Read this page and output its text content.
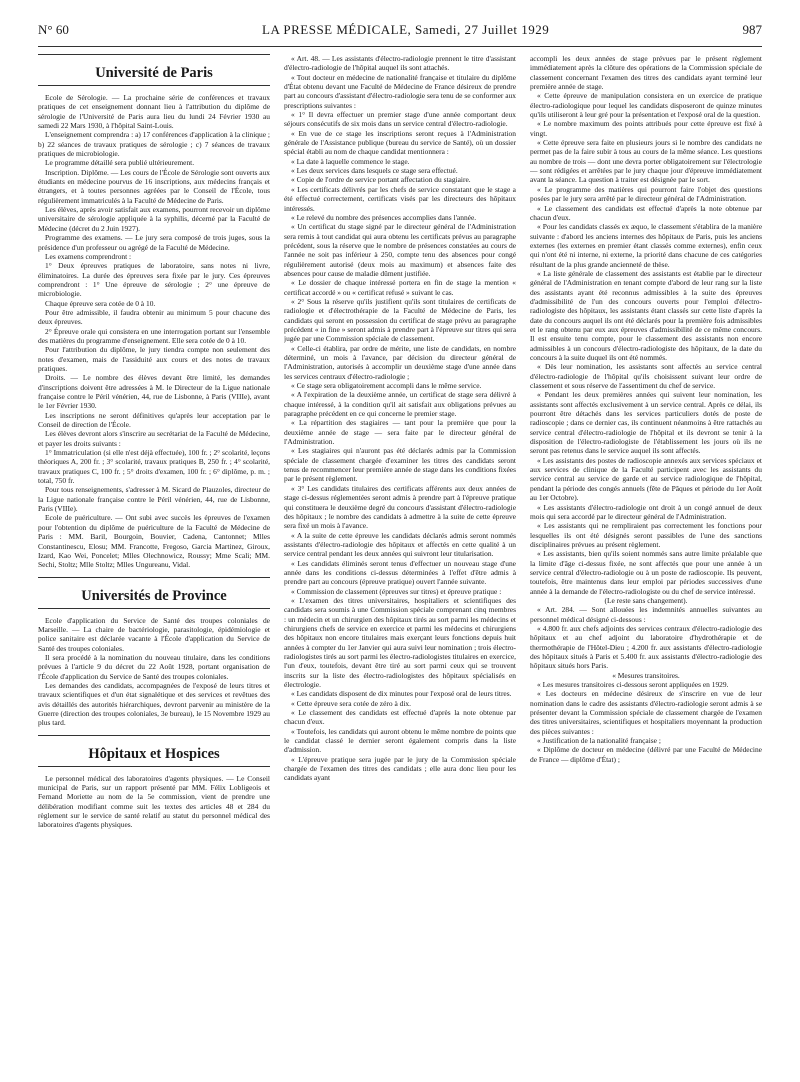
N° 60	LA PRESSE MÉDICALE, Samedi, 27 Juillet 1929	987
Université de Paris

Ecole de Sérologie. — La prochaine série de conférences et travaux pratiques de cet enseignement donnant lieu à l'attribution du diplôme de sérologie de l'Université de Paris aura lieu du lundi 24 Février 1930 au samedi 22 Mars 1930, à l'hôpital Saint-Louis.

L'enseignement comprendra : a) 17 conférences d'application à la clinique ; b) 22 séances de travaux pratiques de sérologie ; c) 7 séances de travaux pratiques de microbiologie.

Le programme détaillé sera publié ultérieurement.

Inscription. Diplôme. — Les cours de l'École de Sérologie sont ouverts aux étudiants en médecine pourvus de 16 inscriptions, aux médecins français et étrangers, et à toutes personnes agréées par le Conseil de l'École, tous régulièrement immatriculés à la Faculté de Médecine de Paris.

Les élèves, après avoir satisfait aux examens, pourront recevoir un diplôme universitaire de sérologie appliquée à la syphilis, décerné par la Faculté de Médecine (décret du 2 Juin 1927).

Programme des examens. — Le jury sera composé de trois juges, sous la présidence d'un professeur ou agrégé de la Faculté de Médecine.

Les examens comprendront :

1° Deux épreuves pratiques de laboratoire, sans notes ni livre, éliminatoires. La durée des épreuves sera fixée par le jury. Ces épreuves comprendront : 1° Une épreuve de sérologie ; 2° une épreuve de microbiologie.

Chaque épreuve sera cotée de 0 à 10.

Pour être admissible, il faudra obtenir au minimum 5 pour chacune des deux épreuves.

2° Épreuve orale qui consistera en une interrogation portant sur l'ensemble des matières du programme d'enseignement. Elle sera cotée de 0 à 10.

Pour l'attribution du diplôme, le jury tiendra compte non seulement des notes d'examen, mais de l'assiduité aux cours et des notes de travaux pratiques.

Droits. — Le nombre des élèves devant être limité, les demandes d'inscriptions doivent être adressées à M. le Directeur de la Ligue nationale française contre le Péril vénérien, 44, rue de Lisbonne, à Paris (VIIIe), avant le 1er Février 1930.

Les inscriptions ne seront définitives qu'après leur acceptation par le Conseil de direction de l'École.

Les élèves devront alors s'inscrire au secrétariat de la Faculté de Médecine, et payer les droits suivants :

1° Immatriculation (si elle n'est déjà effectuée), 100 fr. ; 2° scolarité, leçons théoriques A, 200 fr. ; 3° scolarité, travaux pratiques B, 250 fr. ; 4° scolarité, travaux pratiques C, 100 fr. ; 5° droits d'examen, 100 fr. ; 6° diplôme, p. m. ; total, 750 fr.

Pour tous renseignements, s'adresser à M. Sicard de Plauzoles, directeur de la Ligue nationale française contre le Péril vénérien, 44, rue de Lisbonne, Paris (VIIIe).

Ecole de puériculture. — Ont subi avec succès les épreuves de l'examen pour l'obtention du diplôme de puériculture de la Faculté de Médecine de Paris : MM. Baril, Bourgoin, Bouvier, Cadena, Cantonnet; Mlles Constantinescu, Elosu; MM. Francotte, Fregoso, Garcia Martinez, Giroux, Izard, Kao Wei, Poncelet; Mlles Olechnowicz, Roussy; Mme Scali; MM. Sechi, Stoltz; Mlle Stoltz; Mlles Ungureanu, Vidal.

Universités de Province

Ecole d'application du Service de Santé des troupes coloniales de Marseille. — La chaire de bactériologie, parasitologie, épidémiologie et police sanitaire est déclarée vacante à l'École d'application du Service de Santé des troupes coloniales.

Il sera procédé à la nomination du nouveau titulaire, dans les conditions prévues à l'article 9 du décret du 22 Août 1928, portant organisation de l'École d'application du Service de Santé des troupes coloniales.

Les demandes des candidats, accompagnées de l'exposé de leurs titres et travaux scientifiques et d'un état signalétique et des services et revêtues des avis détaillés des autorités hiérarchiques, devront parvenir au ministère de la Guerre (direction des troupes coloniales, 3e bureau), le 15 Novembre 1929 au plus tard.

Hôpitaux et Hospices

Le personnel médical des laboratoires d'agents physiques. — Le Conseil municipal de Paris, sur un rapport présenté par MM. Félix Lobligeois et Fernand Moriette au nom de la 5e commission, vient de prendre une délibération modifiant comme suit les textes des articles 48 et 284 du règlement sur le service de santé relatif au statut du personnel médical des laboratoires d'agents physiques.

« Art. 48. — Les assistants d'électro-radiologie prennent le titre d'assistant d'électro-radiologie de l'hôpital auquel ils sont attachés.

« Tout docteur en médecine de nationalité française et titulaire du diplôme d'État obtenu devant une Faculté de Médecine de France désireux de prendre part au concours d'assistant d'électro-radiologie sera tenu de se conformer aux prescriptions suivantes :

« 1° Il devra effectuer un premier stage d'une année comportant deux séjours consécutifs de six mois dans un service central d'électro-radiologie.

« En vue de ce stage les inscriptions seront reçues à l'Administration générale de l'Assistance publique (bureau du service de Santé), où un dossier spécial établi au nom de chaque candidat mentionnera :

« La date à laquelle commence le stage.

« Les deux services dans lesquels ce stage sera effectué.

« Copie de l'ordre de service portant affectation du stagiaire.

« Les certificats délivrés par les chefs de service constatant que le stage a été effectué correctement, certificats visés par les directeurs des hôpitaux intéressés.

« Le relevé du nombre des présences accomplies dans l'année.

« Un certificat du stage signé par le directeur général de l'Administration sera remis à tout candidat qui aura obtenu les certificats prévus au paragraphe précédent, sous la réserve que le nombre de présences constatées au cours de l'année ne soit pas inférieur à 250, compte tenu des absences pour congé régulièrement autorisé (deux mois au maximum) et absences faite des absences pour cause de maladie dûment justifiée.

« Le dossier de chaque intéressé portera en fin de stage la mention « certificat accordé » ou « certificat refusé » suivant le cas.

« 2° Sous la réserve qu'ils justifient qu'ils sont titulaires de certificats de radiologie et d'électrothérapie de la Faculté de Médecine de Paris, les candidats qui seront en possession du certificat de stage prévu au paragraphe précédent « in fine » seront admis à prendre part à l'épreuve sur titres qui sera jugée par une Commission spéciale de classement.

« Celle-ci établira, par ordre de mérite, une liste de candidats, en nombre déterminé, un mois à l'avance, par décision du directeur général de l'Administration, autorisés à accomplir un deuxième stage d'une année dans les services centraux d'électro-radiologie ;

« Ce stage sera obligatoirement accompli dans le même service.

« A l'expiration de la deuxième année, un certificat de stage sera délivré à chaque intéressé, à la condition qu'il ait satisfait aux obligations prévues au paragraphe précédent en ce qui concerne le premier stage.

« La répartition des stagiaires — tant pour la première que pour la deuxième année de stage — sera faite par le directeur général de l'Administration.

« Les stagiaires qui n'auront pas été déclarés admis par la Commission spéciale de classement chargée d'examiner les titres des candidats seront tenus de recommencer leur première année de stage dans les conditions fixées par le présent règlement.

« 3° Les candidats titulaires des certificats afférents aux deux années de stage ci-dessus réglementées seront admis à prendre part à l'épreuve pratique qui constituera le deuxième degré du concours d'assistant d'électro-radiologie des hôpitaux ; le nombre des candidats à admettre à la suite de cette épreuve sera fixé un mois à l'avance.

« A la suite de cette épreuve les candidats déclarés admis seront nommés assistants d'électro-radiologie des hôpitaux et affectés en cette qualité à un service central pendant les deux années qui suivront leur titularisation.

« Les candidats éliminés seront tenus d'effectuer un nouveau stage d'une année dans les conditions ci-dessus déterminées à l'effet d'être admis à prendre part au concours (épreuve pratique) ouvert l'année suivante.

« Commission de classement (épreuves sur titres) et épreuve pratique :

« L'examen des titres universitaires, hospitaliers et scientifiques des candidats sera soumis à une Commission spéciale comprenant cinq membres : un médecin et un chirurgien des hôpitaux tirés au sort parmi les médecins et chirurgiens chefs de service en exercice et parmi les médecins et chirurgiens des hôpitaux non encore titulaires mais exerçant leurs fonctions depuis huit années à compter du 1er Janvier qui aura suivi leur nomination ; trois électro-radiologistes tirés au sort parmi les électro-radiologistes titulaires en exercice, l'un d'eux, toutefois, devant être tiré au sort parmi ceux qui se trouvent inscrits sur la liste des électro-radiologistes des hôpitaux spécialisés en électrologie.

« Les candidats disposent de dix minutes pour l'exposé oral de leurs titres.

« Cette épreuve sera cotée de zéro à dix.

« Le classement des candidats est effectué d'après la note obtenue par chacun d'eux.

« Toutefois, les candidats qui auront obtenu le même nombre de points que le candidat classé le dernier seront également compris dans la liste d'admission.

« L'épreuve pratique sera jugée par le jury de la Commission spéciale chargée de l'examen des titres des candidats ; elle aura donc lieu pour les candidats ayant

accompli les deux années de stage prévues par le présent règlement immédiatement après la clôture des opérations de la Commission spéciale de classement concernant l'examen des titres des candidats ayant terminé leur première année de stage.

« Cette épreuve de manipulation consistera en un exercice de pratique électro-radiologique pour lequel les candidats disposeront de quinze minutes qu'ils utiliseront à leur gré pour la présentation et l'exposé oral de la question.

« Le nombre maximum des points attribués pour cette épreuve est fixé à vingt.

« Cette épreuve sera faite en plusieurs jours si le nombre des candidats ne permet pas de la faire subir à tous au cours de la même séance. Les questions au nombre de trois — dont une devra porter obligatoirement sur l'électrologie — sont rédigées et arrêtées par le jury chaque jour d'épreuve immédiatement avant la séance. La question à traiter est désignée par le sort.

« Le programme des matières qui pourront faire l'objet des questions posées par le jury sera arrêté par le directeur général de l'Administration.

« Le classement des candidats est effectué d'après la note obtenue par chacun d'eux.

« Pour les candidats classés ex æquo, le classement s'établira de la manière suivante : d'abord les anciens internes des hôpitaux de Paris, puis les anciens externes (les externes en premier étant classés comme externes), enfin ceux qui n'ont été ni interne, ni externe, la priorité dans chacune de ces catégories résultant de la plus grande ancienneté de thèse.

« La liste générale de classement des assistants est établie par le directeur général de l'Administration en tenant compte d'abord de leur rang sur la liste des assistants ayant été reconnus admissibles à la suite des épreuves d'admissibilité de l'un des concours ouverts pour l'emploi d'électro-radiologiste des hôpitaux, les assistants étant classés sur cette liste d'après la date du concours auquel ils ont été déclarés pour la première fois admissibles et le rang obtenu par eux aux épreuves d'admissibilité de ce même concours. Il est ensuite tenu compte, pour le classement des assistants non encore admissibles à un concours d'électro-radiologiste des hôpitaux, de la date du concours à la suite duquel ils ont été nommés.

« Dès leur nomination, les assistants sont affectés au service central d'électro-radiologie de l'hôpital qu'ils choisissent suivant leur ordre de classement et sous réserve de l'assentiment du chef de service.

« Pendant les deux premières années qui suivent leur nomination, les assistants sont affectés exclusivement à un service central. Après ce délai, ils pourront être détachés dans les services particuliers dotés de poste de radioscopie ; dans ce dernier cas, ils continuent néanmoins à être rattachés au service central d'électro-radiologie de l'hôpital et ils devront se tenir à la disposition de l'électro-radiologiste de l'établissement les jours où ils ne seront pas retenus dans le service auquel ils sont affectés.

« Les assistants des postes de radioscopie annexés aux services spéciaux et aux services de clinique de la Faculté participent avec les assistants du service central au service de garde et au service radiologique de l'hôpital, pendant la période des congés annuels (fête de Pâques et période du 1er Août au 1er Octobre).

« Les assistants d'électro-radiologie ont droit à un congé annuel de deux mois qui sera accordé par le directeur général de l'Administration.

« Les assistants qui ne rempliraient pas correctement les fonctions pour lesquelles ils ont été désignés seront passibles de l'une des sanctions disciplinaires prévues au présent règlement.

« Les assistants, bien qu'ils soient nommés sans autre limite préalable que la limite d'âge ci-dessus fixée, ne sont affectés que pour une année à un service central d'électro-radiologie ou à un poste de radioscopie. Ils peuvent, toutefois, être maintenus dans leur emploi par périodes successives d'une année à la demande de l'électro-radiologiste ou du chef de service intéressé.

(Le reste sans changement).

« Art. 284. — Sont allouées les indemnités annuelles suivantes au personnel médical désigné ci-dessous :

« 4.800 fr. aux chefs adjoints des services centraux d'électro-radiologie des hôpitaux et au chef adjoint du laboratoire d'hydrothérapie et de thermothérapie de l'Hôtel-Dieu ; 4.200 fr. aux assistants d'électro-radiologie des hôpitaux situés à Paris et 5.400 fr. aux assistants d'électro-radiologie des hôpitaux situés hors Paris.

« Mesures transitoires.

« Les mesures transitoires ci-dessous seront appliquées en 1929.

« Les docteurs en médecine désireux de s'inscrire en vue de leur nomination dans le cadre des assistants d'électro-radiologie seront admis à se présenter devant la Commission spéciale de classement chargée de l'examen des titres universitaires, scientifiques et hospitaliers moyennant la production des pièces suivantes :

« Justification de la nationalité française ;

« Diplôme de docteur en médecine (délivré par une Faculté de Médecine de France — diplôme d'État) ;
